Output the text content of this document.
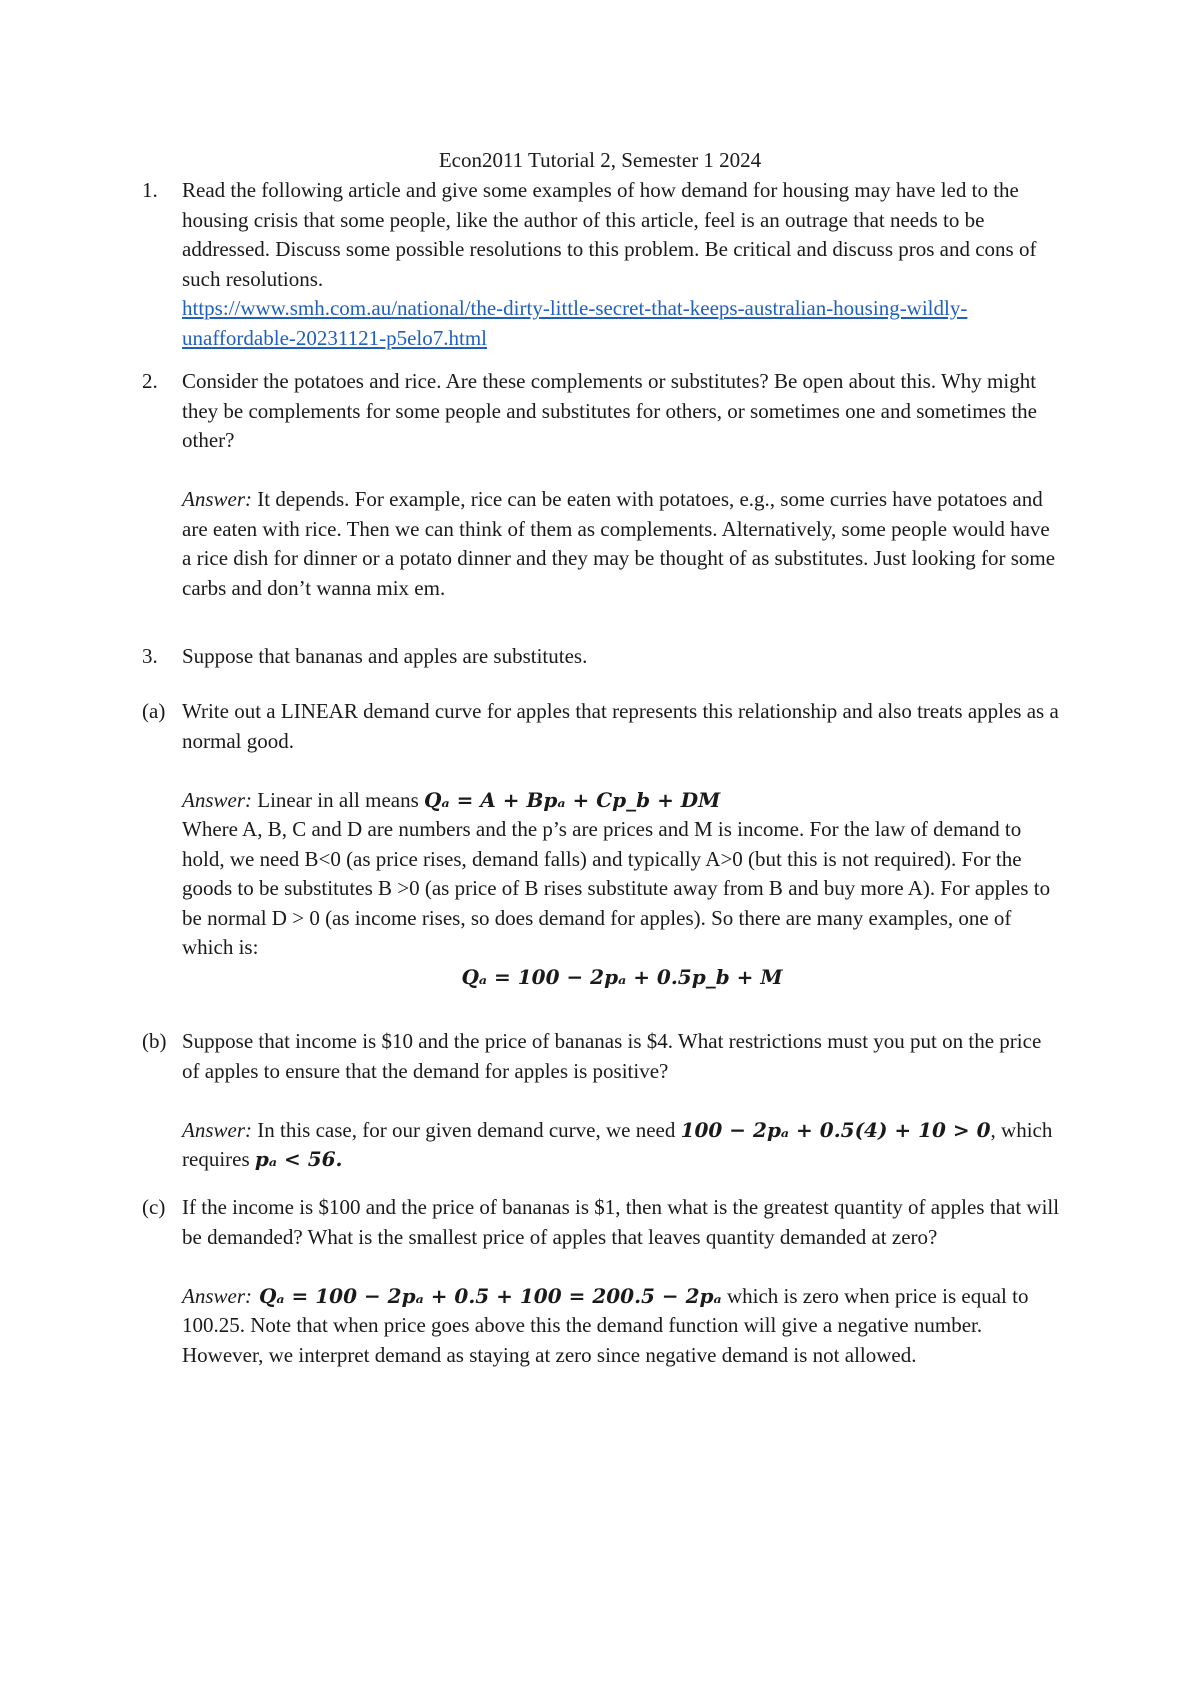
Econ2011 Tutorial 2, Semester 1 2024
1. Read the following article and give some examples of how demand for housing may have led to the housing crisis that some people, like the author of this article, feel is an outrage that needs to be addressed. Discuss some possible resolutions to this problem. Be critical and discuss pros and cons of such resolutions.

https://www.smh.com.au/national/the-dirty-little-secret-that-keeps-australian-housing-wildly-unaffordable-20231121-p5elo7.html

2. Consider the potatoes and rice. Are these complements or substitutes? Be open about this. Why might they be complements for some people and substitutes for others, or sometimes one and sometimes the other?

Answer: It depends. For example, rice can be eaten with potatoes, e.g., some curries have potatoes and are eaten with rice. Then we can think of them as complements. Alternatively, some people would have a rice dish for dinner or a potato dinner and they may be thought of as substitutes. Just looking for some carbs and don’t wanna mix em.

3. Suppose that bananas and apples are substitutes.

(a) Write out a LINEAR demand curve for apples that represents this relationship and also treats apples as a normal good.

Answer: Linear in all means Qₐ = A + Bpₐ + Cp_b + DM

Where A, B, C and D are numbers and the p’s are prices and M is income. For the law of demand to hold, we need B<0 (as price rises, demand falls) and typically A>0 (but this is not required). For the goods to be substitutes B >0 (as price of B rises substitute away from B and buy more A). For apples to be normal D > 0 (as income rises, so does demand for apples). So there are many examples, one of which is:

Qₐ = 100 − 2pₐ + 0.5p_b + M

(b) Suppose that income is $10 and the price of bananas is $4. What restrictions must you put on the price of apples to ensure that the demand for apples is positive?

Answer: In this case, for our given demand curve, we need 100 − 2pₐ + 0.5(4) + 10 > 0, which requires pₐ < 56.

(c) If the income is $100 and the price of bananas is $1, then what is the greatest quantity of apples that will be demanded? What is the smallest price of apples that leaves quantity demanded at zero?

Answer: Qₐ = 100 − 2pₐ + 0.5 + 100 = 200.5 − 2pₐ which is zero when price is equal to 100.25. Note that when price goes above this the demand function will give a negative number. However, we interpret demand as staying at zero since negative demand is not allowed.
